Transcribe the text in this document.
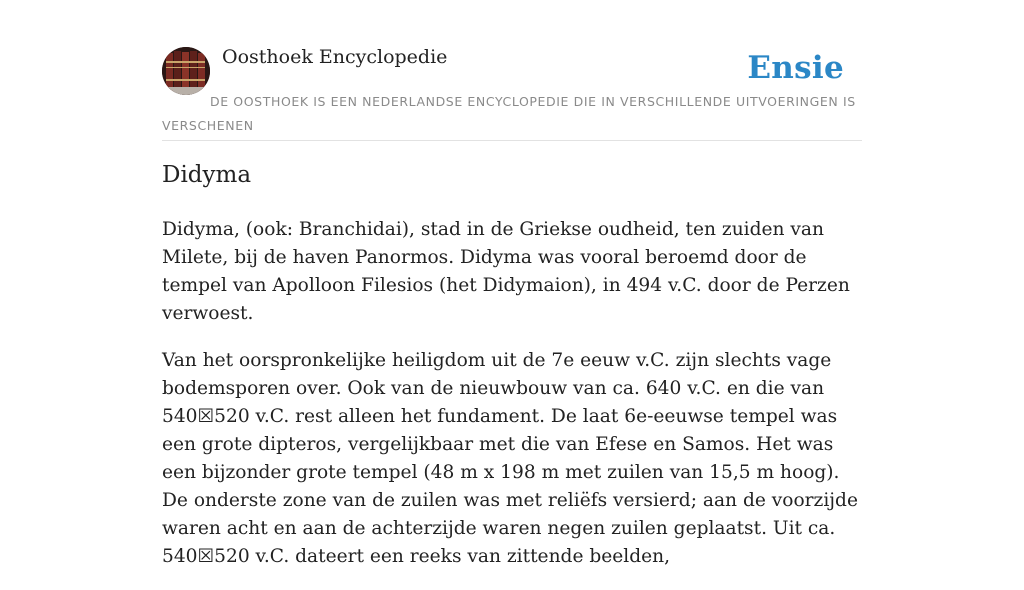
Oosthoek Encyclopedie	Ensie
DE OOSTHOEK IS EEN NEDERLANDSE ENCYCLOPEDIE DIE IN VERSCHILLENDE UITVOERINGEN IS VERSCHENEN
Didyma

Didyma, (ook: Branchidai), stad in de Griekse oudheid, ten zuiden van Milete, bij de haven Panormos. Didyma was vooral beroemd door de tempel van Apolloon Filesios (het Didymaion), in 494 v.C. door de Perzen verwoest.

Van het oorspronkelijke heiligdom uit de 7e eeuw v.C. zijn slechts vage bodemsporen over. Ook van de nieuwbouw van ca. 640 v.C. en die van 540☒520 v.C. rest alleen het fundament. De laat 6e-eeuwse tempel was een grote dipteros, vergelijkbaar met die van Efese en Samos. Het was een bijzonder grote tempel (48 m x 198 m met zuilen van 15,5 m hoog). De onderste zone van de zuilen was met reliëfs versierd; aan de voorzijde waren acht en aan de achterzijde waren negen zuilen geplaatst. Uit ca. 540☒520 v.C. dateert een reeks van zittende beelden,
